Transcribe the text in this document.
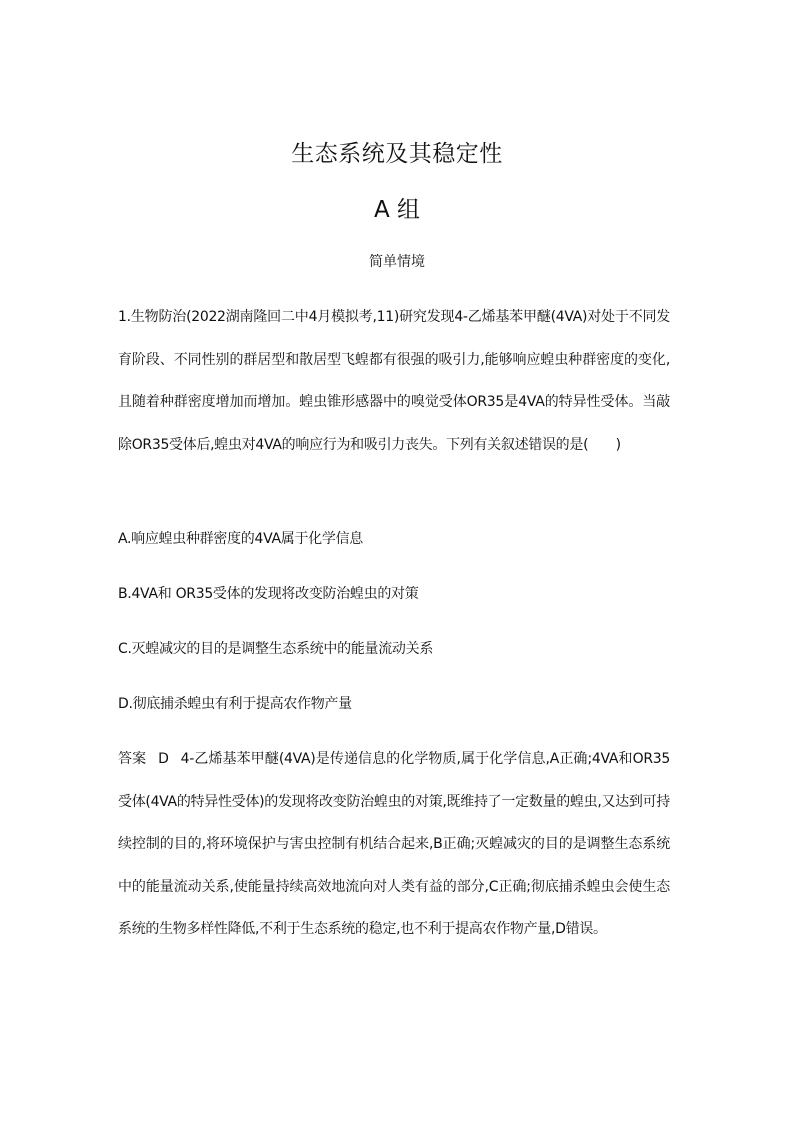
生态系统及其稳定性
A 组
简单情境

1.生物防治(2022湖南隆回二中4月模拟考,11)研究发现4-乙烯基苯甲醚(4VA)对处于不同发育阶段、不同性别的群居型和散居型飞蝗都有很强的吸引力,能够响应蝗虫种群密度的变化,且随着种群密度增加而增加。蝗虫锥形感器中的嗅觉受体OR35是4VA的特异性受体。当敲除OR35受体后,蝗虫对4VA的响应行为和吸引力丧失。下列有关叙述错误的是(　　)

A.响应蝗虫种群密度的4VA属于化学信息
B.4VA和 OR35受体的发现将改变防治蝗虫的对策
C.灭蝗减灾的目的是调整生态系统中的能量流动关系
D.彻底捕杀蝗虫有利于提高农作物产量

答案 D 4-乙烯基苯甲醚(4VA)是传递信息的化学物质,属于化学信息,A正确;4VA和OR35受体(4VA的特异性受体)的发现将改变防治蝗虫的对策,既维持了一定数量的蝗虫,又达到可持续控制的目的,将环境保护与害虫控制有机结合起来,B正确;灭蝗减灾的目的是调整生态系统中的能量流动关系,使能量持续高效地流向对人类有益的部分,C正确;彻底捕杀蝗虫会使生态系统的生物多样性降低,不利于生态系统的稳定,也不利于提高农作物产量,D错误。
